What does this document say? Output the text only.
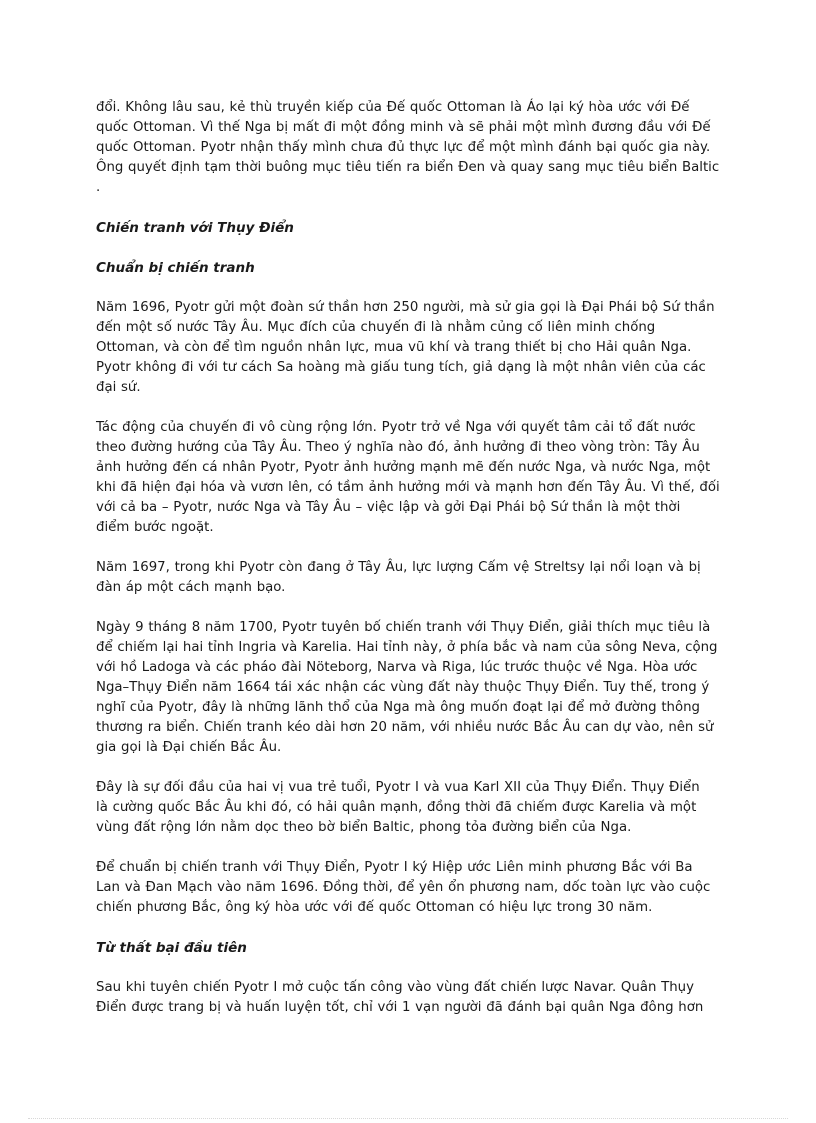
đổi. Không lâu sau, kẻ thù truyền kiếp của Đế quốc Ottoman là Áo lại ký hòa ước với Đế
quốc Ottoman. Vì thế Nga bị mất đi một đồng minh và sẽ phải một mình đương đầu với Đế
quốc Ottoman. Pyotr nhận thấy mình chưa đủ thực lực để một mình đánh bại quốc gia này.
Ông quyết định tạm thời buông mục tiêu tiến ra biển Đen và quay sang mục tiêu biển Baltic
.

Chiến tranh với Thụy Điển

Chuẩn bị chiến tranh

Năm 1696, Pyotr gửi một đoàn sứ thần hơn 250 người, mà sử gia gọi là Đại Phái bộ Sứ thần
đến một số nước Tây Âu. Mục đích của chuyến đi là nhằm củng cố liên minh chống
Ottoman, và còn để tìm nguồn nhân lực, mua vũ khí và trang thiết bị cho Hải quân Nga.
Pyotr không đi với tư cách Sa hoàng mà giấu tung tích, giả dạng là một nhân viên của các
đại sứ.

Tác động của chuyến đi vô cùng rộng lớn. Pyotr trở về Nga với quyết tâm cải tổ đất nước
theo đường hướng của Tây Âu. Theo ý nghĩa nào đó, ảnh hưởng đi theo vòng tròn: Tây Âu
ảnh hưởng đến cá nhân Pyotr, Pyotr ảnh hưởng mạnh mẽ đến nước Nga, và nước Nga, một
khi đã hiện đại hóa và vươn lên, có tầm ảnh hưởng mới và mạnh hơn đến Tây Âu. Vì thế, đối
với cả ba – Pyotr, nước Nga và Tây Âu – việc lập và gởi Đại Phái bộ Sứ thần là một thời
điểm bước ngoặt.

Năm 1697, trong khi Pyotr còn đang ở Tây Âu, lực lượng Cấm vệ Streltsy lại nổi loạn và bị
đàn áp một cách mạnh bạo.

Ngày 9 tháng 8 năm 1700, Pyotr tuyên bố chiến tranh với Thụy Điển, giải thích mục tiêu là
để chiếm lại hai tỉnh Ingria và Karelia. Hai tỉnh này, ở phía bắc và nam của sông Neva, cộng
với hồ Ladoga và các pháo đài Nöteborg, Narva và Riga, lúc trước thuộc về Nga. Hòa ước
Nga–Thụy Điển năm 1664 tái xác nhận các vùng đất này thuộc Thụy Điển. Tuy thế, trong ý
nghĩ của Pyotr, đây là những lãnh thổ của Nga mà ông muốn đoạt lại để mở đường thông
thương ra biển. Chiến tranh kéo dài hơn 20 năm, với nhiều nước Bắc Âu can dự vào, nên sử
gia gọi là Đại chiến Bắc Âu.

Đây là sự đối đầu của hai vị vua trẻ tuổi, Pyotr I và vua Karl XII của Thụy Điển. Thụy Điển
là cường quốc Bắc Âu khi đó, có hải quân mạnh, đồng thời đã chiếm được Karelia và một
vùng đất rộng lớn nằm dọc theo bờ biển Baltic, phong tỏa đường biển của Nga.

Để chuẩn bị chiến tranh với Thụy Điển, Pyotr I ký Hiệp ước Liên minh phương Bắc với Ba
Lan và Đan Mạch vào năm 1696. Đồng thời, để yên ổn phương nam, dốc toàn lực vào cuộc
chiến phương Bắc, ông ký hòa ước với đế quốc Ottoman có hiệu lực trong 30 năm.

Từ thất bại đầu tiên

Sau khi tuyên chiến Pyotr I mở cuộc tấn công vào vùng đất chiến lược Navar. Quân Thụy
Điển được trang bị và huấn luyện tốt, chỉ với 1 vạn người đã đánh bại quân Nga đông hơn
